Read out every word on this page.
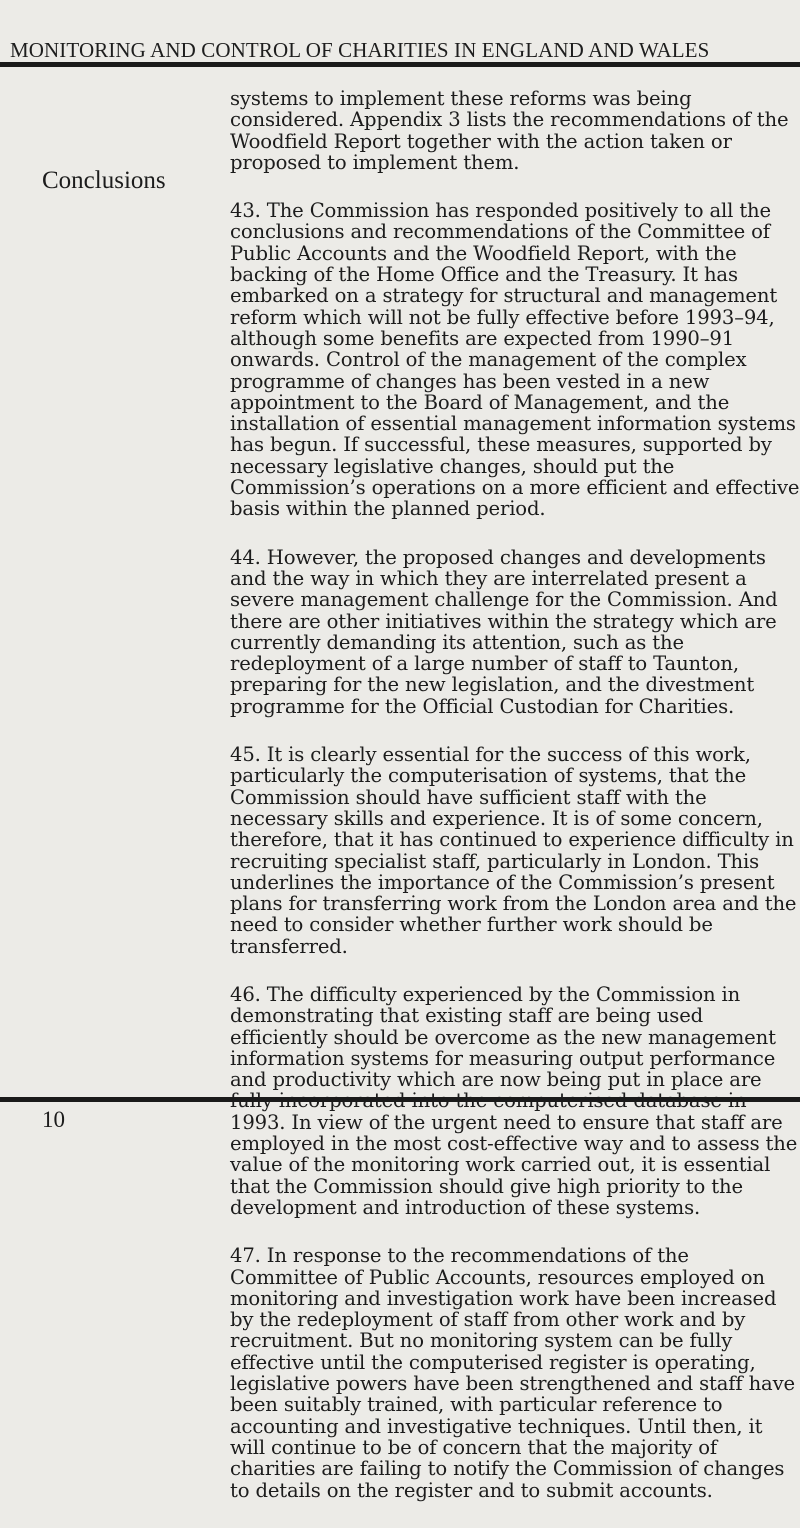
MONITORING AND CONTROL OF CHARITIES IN ENGLAND AND WALES
Conclusions

systems to implement these reforms was being considered. Appendix 3 lists the recommendations of the Woodfield Report together with the action taken or proposed to implement them.

43. The Commission has responded positively to all the conclusions and recommendations of the Committee of Public Accounts and the Woodfield Report, with the backing of the Home Office and the Treasury. It has embarked on a strategy for structural and management reform which will not be fully effective before 1993–94, although some benefits are expected from 1990–91 onwards. Control of the management of the complex programme of changes has been vested in a new appointment to the Board of Management, and the installation of essential management information systems has begun. If successful, these measures, supported by necessary legislative changes, should put the Commission’s operations on a more efficient and effective basis within the planned period.

44. However, the proposed changes and developments and the way in which they are interrelated present a severe management challenge for the Commission. And there are other initiatives within the strategy which are currently demanding its attention, such as the redeployment of a large number of staff to Taunton, preparing for the new legislation, and the divestment programme for the Official Custodian for Charities.

45. It is clearly essential for the success of this work, particularly the computerisation of systems, that the Commission should have sufficient staff with the necessary skills and experience. It is of some concern, therefore, that it has continued to experience difficulty in recruiting specialist staff, particularly in London. This underlines the importance of the Commission’s present plans for transferring work from the London area and the need to consider whether further work should be transferred.

46. The difficulty experienced by the Commission in demonstrating that existing staff are being used efficiently should be overcome as the new management information systems for measuring output performance and productivity which are now being put in place are 1993. In view of the urgent need to ensure that staff are employed in the most cost-effective way and to assess the value of the monitoring work carried out, it is essential that the Commission should give high priority to the development and introduction of these systems.

47. In response to the recommendations of the Committee of Public Accounts, resources employed on monitoring and investigation work have been increased by the redeployment of staff from other work and by recruitment. But no monitoring system can be fully effective until the computerised register is operating, legislative powers have been strengthened and staff have been suitably trained, with particular reference to accounting and investigative techniques. Until then, it will continue to be of concern that the majority of charities are failing to notify the Commission of changes to details on the register and to submit accounts.

10
